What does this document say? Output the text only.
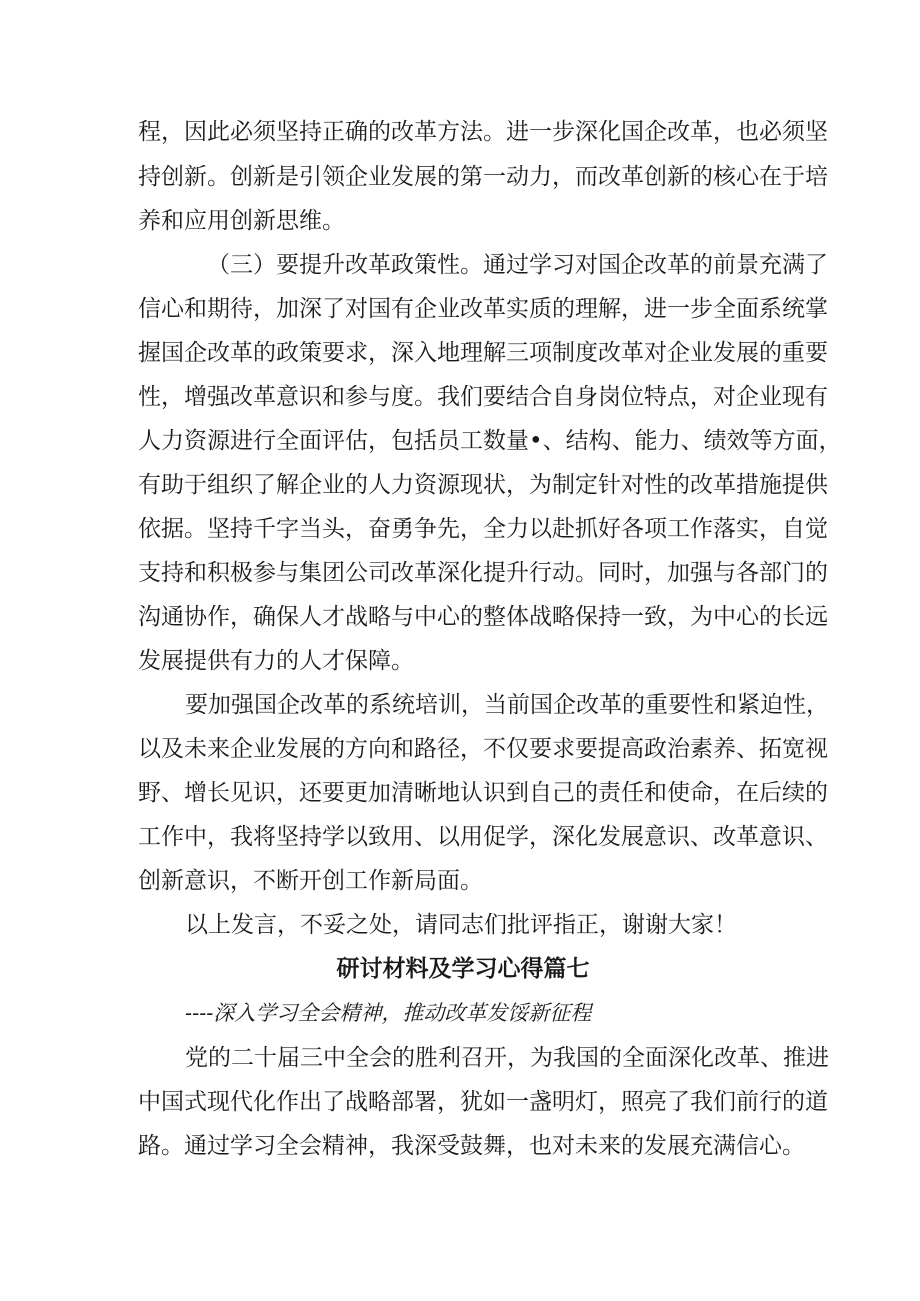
程，因此必须坚持正确的改革方法。进一步深化国企改革，也必须坚
持创新。创新是引领企业发展的第一动力，而改革创新的核心在于培
养和应用创新思维。
（三）要提升改革政策性。通过学习对国企改革的前景充满了
信心和期待，加深了对国有企业改革实质的理解，进一步全面系统掌
握国企改革的政策要求，深入地理解三项制度改革对企业发展的重要
性，增强改革意识和参与度。我们要结合自身岗位特点，对企业现有
人力资源进行全面评估，包括员工数量•、结构、能力、绩效等方面，
有助于组织了解企业的人力资源现状，为制定针对性的改革措施提供
依据。坚持千字当头，奋勇争先，全力以赴抓好各项工作落实，自觉
支持和积极参与集团公司改革深化提升行动。同时，加强与各部门的
沟通协作，确保人才战略与中心的整体战略保持一致，为中心的长远
发展提供有力的人才保障。
要加强国企改革的系统培训，当前国企改革的重要性和紧迫性，
以及未来企业发展的方向和路径，不仅要求要提高政治素养、拓宽视
野、增长见识，还要更加清晰地认识到自己的责任和使命，在后续的
工作中，我将坚持学以致用、以用促学，深化发展意识、改革意识、
创新意识，不断开创工作新局面。
以上发言，不妥之处，请同志们批评指正，谢谢大家！
研讨材料及学习心得篇七
----深入学习全会精神，推动改革发馁新征程
党的二十届三中全会的胜利召开，为我国的全面深化改革、推进
中国式现代化作出了战略部署，犹如一盏明灯，照亮了我们前行的道
路。通过学习全会精神，我深受鼓舞，也对未来的发展充满信心。
